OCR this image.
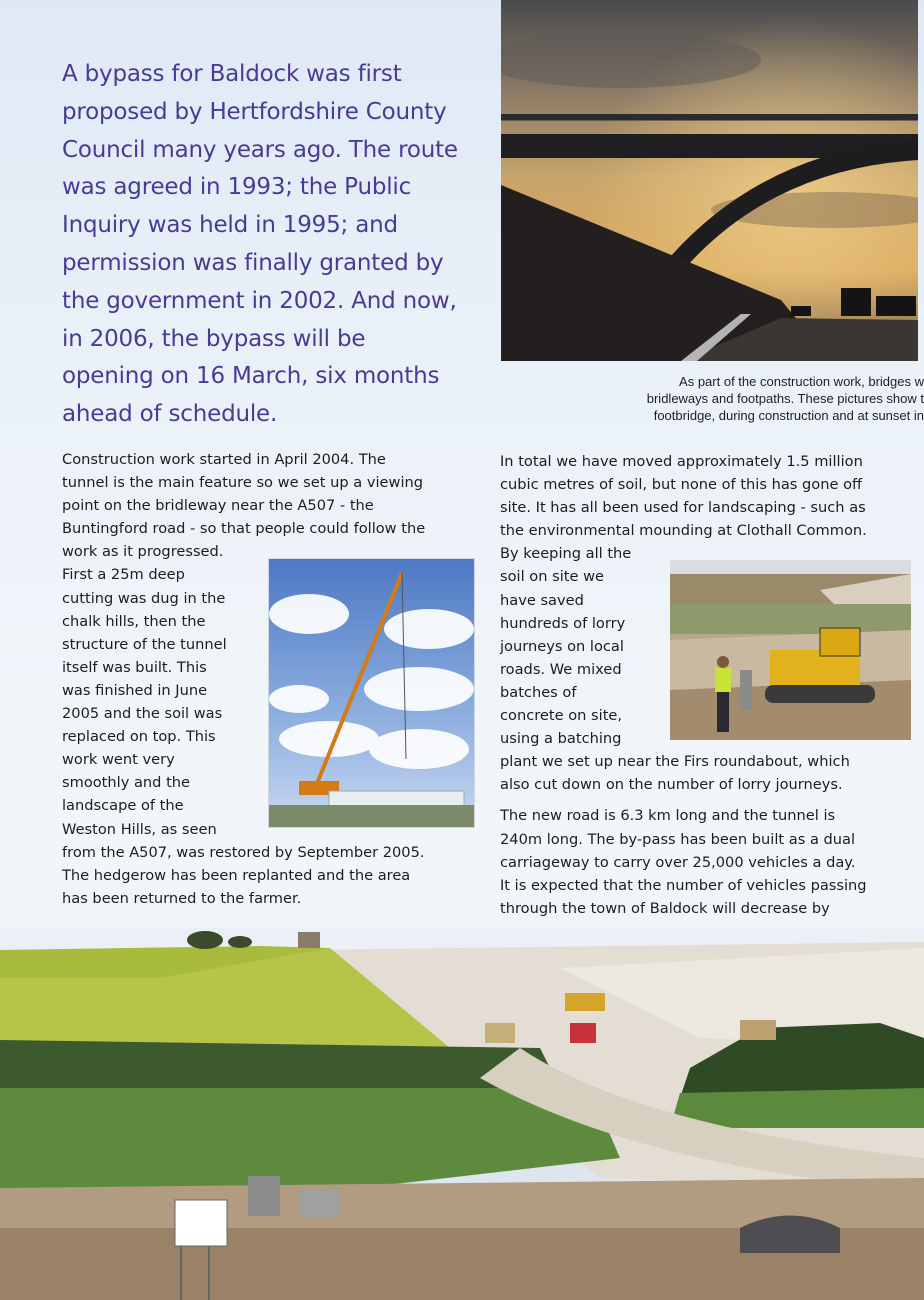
A bypass for Baldock was first
proposed by Hertfordshire County
Council many years ago. The route
was agreed in 1993; the Public
Inquiry was held in 1995; and
permission was finally granted by
the government in 2002. And now,
in 2006, the bypass will be
opening on 16 March, six months
ahead of schedule.
As part of the construction work, bridges w
bridleways and footpaths. These pictures show t
footbridge, during construction and at sunset in
Construction work started in April 2004. The
tunnel is the main feature so we set up a viewing
point on the bridleway near the A507 - the
Buntingford road - so that people could follow the
work as it progressed.
First a 25m deep
cutting was dug in the
chalk hills, then the
structure of the tunnel
itself was built. This
was finished in June
2005 and the soil was
replaced on top. This
work went very
smoothly and the
landscape of the
Weston Hills, as seen
from the A507, was restored by September 2005.
The hedgerow has been replanted and the area
has been returned to the farmer.
In total we have moved approximately 1.5 million
cubic metres of soil, but none of this has gone off
site. It has all been used for landscaping - such as
the environmental mounding at Clothall Common.
By keeping all the
soil on site we
have saved
hundreds of lorry
journeys on local
roads. We mixed
batches of
concrete on site,
using a batching
plant we set up near the Firs roundabout, which
also cut down on the number of lorry journeys.
The new road is 6.3 km long and the tunnel is
240m long. The by-pass has been built as a dual
carriageway to carry over 25,000 vehicles a day.
It is expected that the number of vehicles passing
through the town of Baldock will decrease by
